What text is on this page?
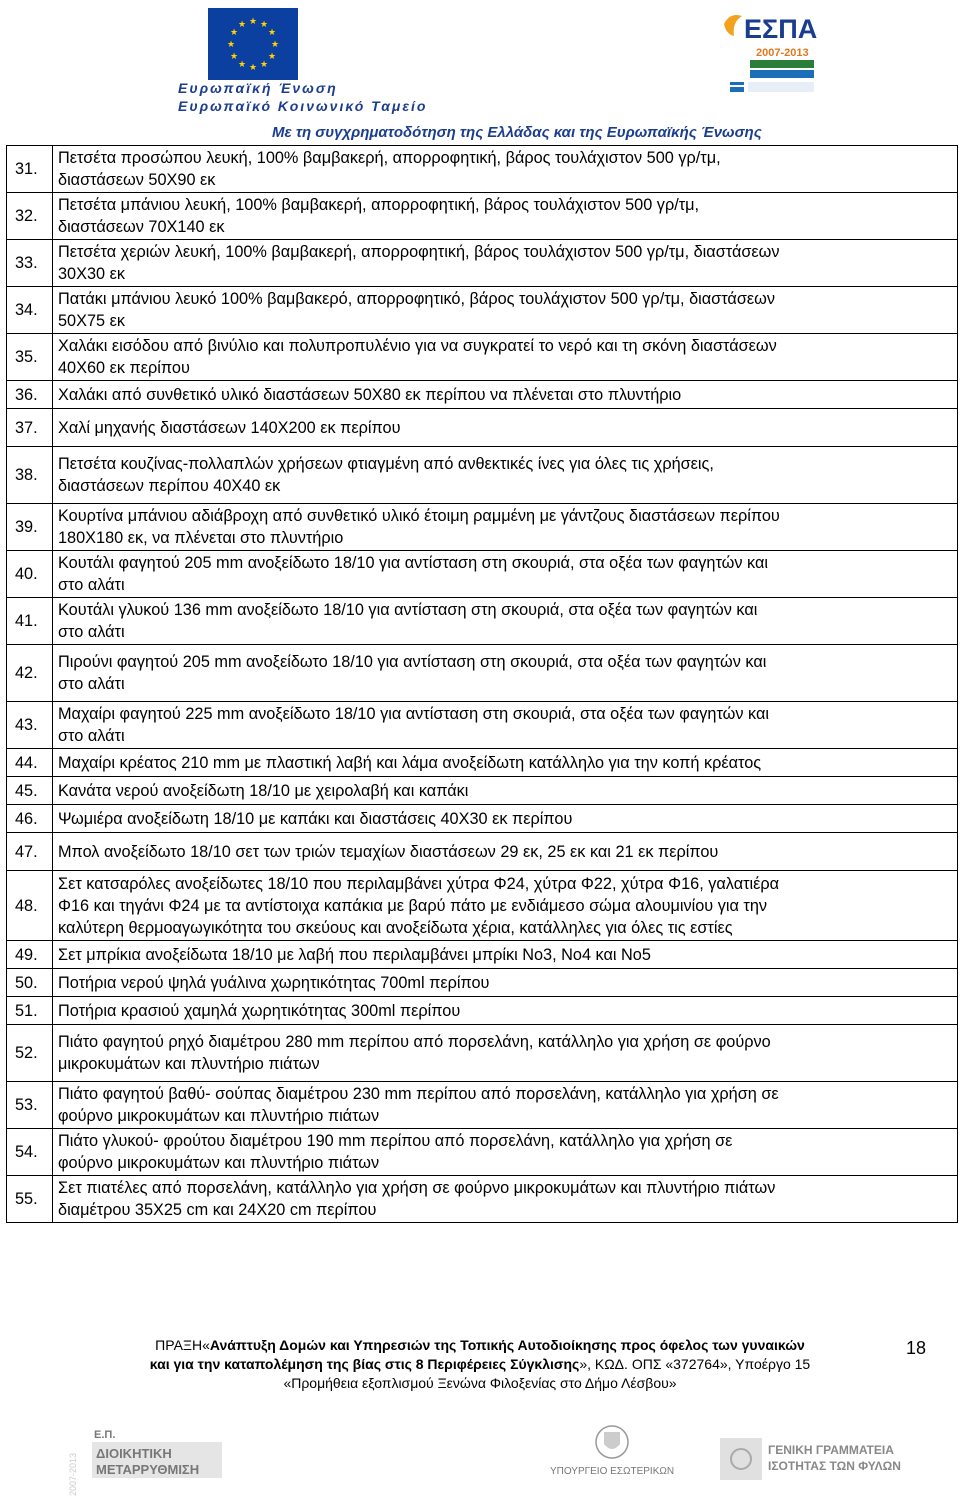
★ ★
★
★
★
★
★
★
★
★
★
★
Ευρωπαϊκή Ένωση
Ευρωπαϊκό Κοινωνικό Ταμείο
ΕΣΠΑ
2007-2013
Με τη συγχρηματοδότηση της Ελλάδας και της Ευρωπαϊκής Ένωσης
31.	Πετσέτα προσώπου λευκή, 100% βαμβακερή, απορροφητική, βάρος τουλάχιστον 500 γρ/τμ,
διαστάσεων 50Χ90 εκ

32.	Πετσέτα μπάνιου λευκή, 100% βαμβακερή, απορροφητική, βάρος τουλάχιστον 500 γρ/τμ,
διαστάσεων 70Χ140 εκ

33.	Πετσέτα χεριών λευκή, 100% βαμβακερή, απορροφητική, βάρος τουλάχιστον 500 γρ/τμ, διαστάσεων
30Χ30 εκ

34.	Πατάκι μπάνιου λευκό 100% βαμβακερό, απορροφητικό, βάρος τουλάχιστον 500 γρ/τμ, διαστάσεων
50Χ75 εκ

35.	Χαλάκι εισόδου από βινύλιο και πολυπροπυλένιο για να συγκρατεί το νερό και τη σκόνη διαστάσεων
40Χ60 εκ περίπου

36.	Χαλάκι από συνθετικό υλικό διαστάσεων 50Χ80 εκ περίπου να πλένεται στο πλυντήριο

37.	Χαλί μηχανής διαστάσεων 140Χ200 εκ περίπου

38.	Πετσέτα κουζίνας-πολλαπλών χρήσεων φτιαγμένη από ανθεκτικές ίνες για όλες τις χρήσεις,
διαστάσεων περίπου 40Χ40 εκ

39.	Κουρτίνα μπάνιου αδιάβροχη από συνθετικό υλικό έτοιμη ραμμένη με γάντζους διαστάσεων περίπου
180Χ180 εκ, να πλένεται στο πλυντήριο

40.	Κουτάλι φαγητού 205 mm ανοξείδωτο 18/10 για αντίσταση στη σκουριά, στα οξέα των φαγητών και
στο αλάτι

41.	Κουτάλι γλυκού 136 mm ανοξείδωτο 18/10 για αντίσταση στη σκουριά, στα οξέα των φαγητών και
στο αλάτι

42.	Πιρούνι φαγητού 205 mm ανοξείδωτο 18/10 για αντίσταση στη σκουριά, στα οξέα των φαγητών και
στο αλάτι

43.	Μαχαίρι φαγητού 225 mm ανοξείδωτο 18/10 για αντίσταση στη σκουριά, στα οξέα των φαγητών και
στο αλάτι

44.	Μαχαίρι κρέατος 210 mm με πλαστική λαβή και λάμα ανοξείδωτη κατάλληλο για την κοπή κρέατος

45.	Κανάτα νερού ανοξείδωτη 18/10 με χειρολαβή και καπάκι

46.	Ψωμιέρα ανοξείδωτη 18/10 με καπάκι και διαστάσεις 40Χ30 εκ περίπου

47.	Μπολ ανοξείδωτο 18/10 σετ των τριών τεμαχίων διαστάσεων 29 εκ, 25 εκ και 21 εκ περίπου

48.	Σετ κατσαρόλες ανοξείδωτες 18/10 που περιλαμβάνει χύτρα Φ24, χύτρα Φ22, χύτρα Φ16, γαλατιέρα
Φ16 και τηγάνι Φ24 με τα αντίστοιχα καπάκια με βαρύ πάτο με ενδιάμεσο σώμα αλουμινίου για την
καλύτερη θερμοαγωγικότητα του σκεύους και ανοξείδωτα χέρια, κατάλληλες για όλες τις εστίες

49.	Σετ μπρίκια ανοξείδωτα 18/10 με λαβή που περιλαμβάνει μπρίκι Νο3, Νο4 και Νο5

50.	Ποτήρια νερού ψηλά γυάλινα χωρητικότητας 700ml περίπου

51.	Ποτήρια κρασιού χαμηλά χωρητικότητας 300ml περίπου

52.	Πιάτο φαγητού ρηχό διαμέτρου 280 mm περίπου από πορσελάνη, κατάλληλο για χρήση σε φούρνο
μικροκυμάτων και πλυντήριο πιάτων

53.	Πιάτο φαγητού βαθύ- σούπας διαμέτρου 230 mm περίπου από πορσελάνη, κατάλληλο για χρήση σε
φούρνο μικροκυμάτων και πλυντήριο πιάτων

54.	Πιάτο γλυκού- φρούτου διαμέτρου 190 mm περίπου από πορσελάνη, κατάλληλο για χρήση σε
φούρνο μικροκυμάτων και πλυντήριο πιάτων

55.	Σετ πιατέλες από πορσελάνη, κατάλληλο για χρήση σε φούρνο μικροκυμάτων και πλυντήριο πιάτων
διαμέτρου 35Χ25 cm και 24Χ20 cm περίπου
ΠΡΑΞΗ«Ανάπτυξη Δομών και Υπηρεσιών της Τοπικής Αυτοδιοίκησης προς όφελος των γυναικών
και για την καταπολέμηση της βίας στις 8 Περιφέρειες Σύγκλισης», ΚΩΔ. ΟΠΣ «372764», Υποέργο 15
«Προμήθεια εξοπλισμού Ξενώνα Φιλοξενίας στο Δήμο Λέσβου»
18
2007-2013
Ε.Π.
ΔΙΟΙΚΗΤΙΚΗ
ΜΕΤΑΡΡΥΘΜΙΣΗ	ΥΠΟΥΡΓΕΙΟ ΕΣΩΤΕΡΙΚΩΝ
ΓΕΝΙΚΗ ΓΡΑΜΜΑΤΕΙΑ
ΙΣΟΤΗΤΑΣ ΤΩΝ ΦΥΛΩΝ
